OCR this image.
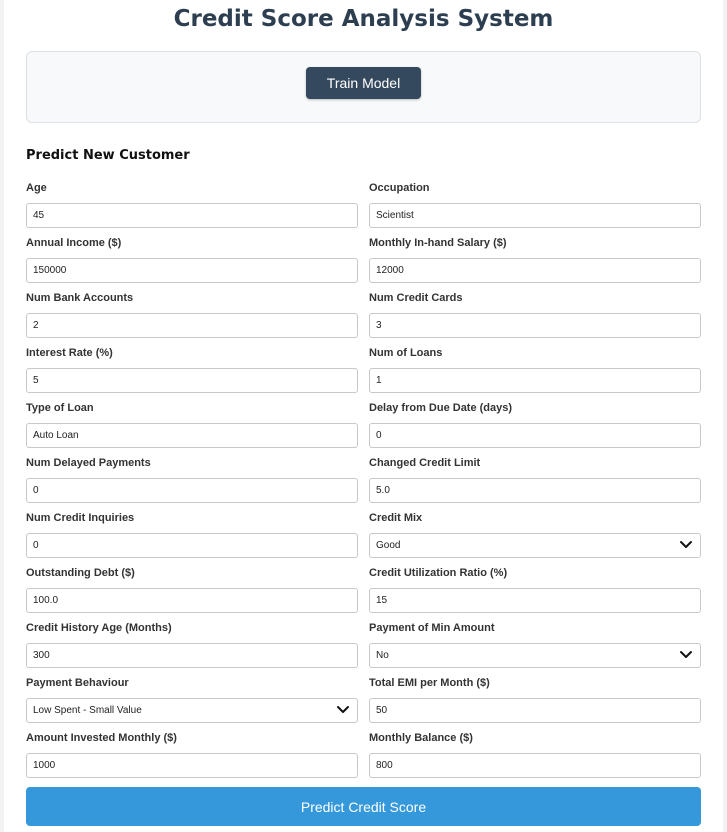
Credit Score Analysis System
Train Model
Predict New Customer
Age
45
Occupation
Scientist
Annual Income ($)
150000
Monthly In-hand Salary ($)
12000
Num Bank Accounts
2
Num Credit Cards
3
Interest Rate (%)
5
Num of Loans
1
Type of Loan
Auto Loan
Delay from Due Date (days)
0
Num Delayed Payments
0
Changed Credit Limit
5.0
Num Credit Inquiries
0
Credit Mix
Good
Outstanding Debt ($)
100.0
Credit Utilization Ratio (%)
15
Credit History Age (Months)
300
Payment of Min Amount
No
Payment Behaviour
Low Spent - Small Value
Total EMI per Month ($)
50
Amount Invested Monthly ($)
1000
Monthly Balance ($)
800
Predict Credit Score
